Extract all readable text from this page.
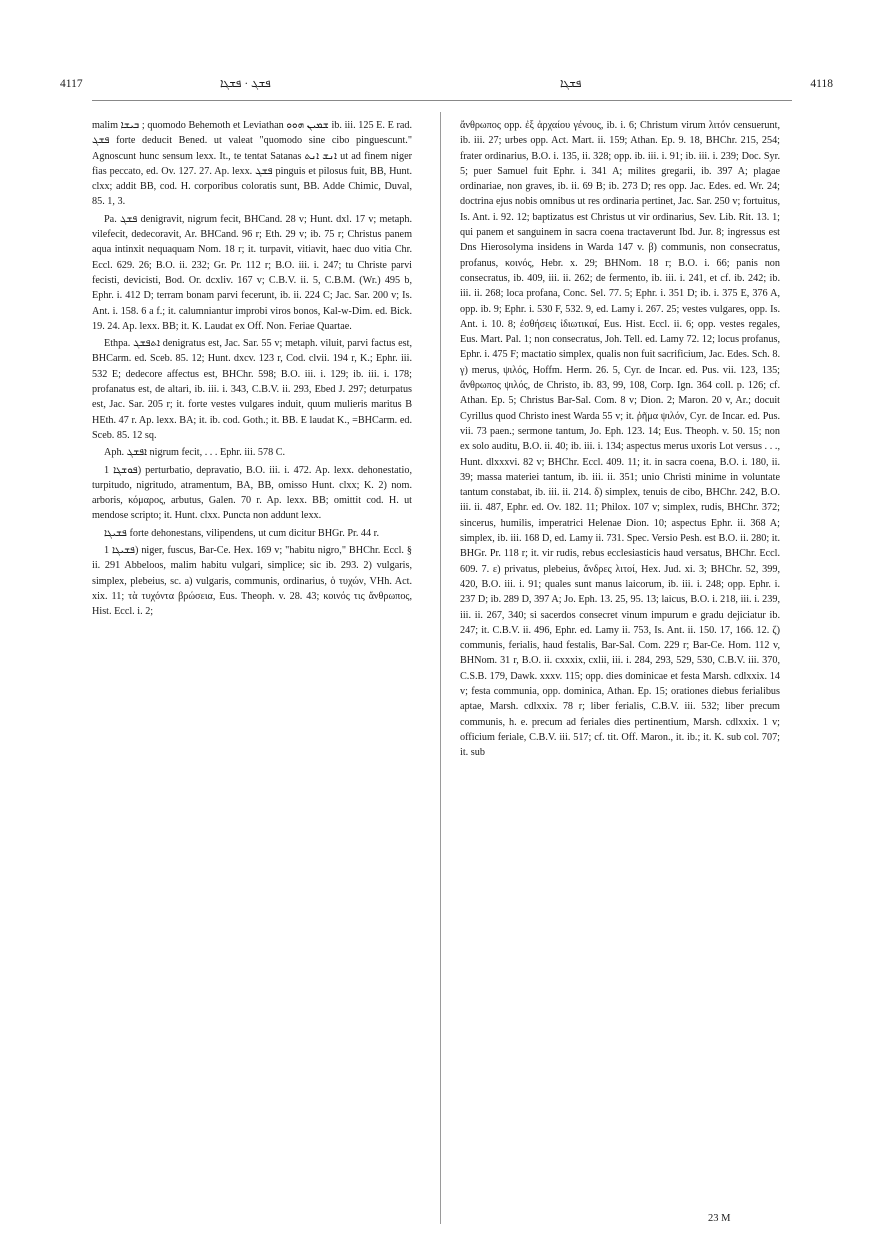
4117	ܦܫܓ · ܦܫܓܐ	ܦܫܓܐ	4118

malim ܒܝܫܐ ; quomodo Behemoth et Leviathan ܫܡܝܢ ܗܘܘ ib. iii. 125 E. E rad. ܦܫܓ forte deducit Bened. ut valeat "quomodo sine cibo pinguescunt." Agnoscunt hunc sensum lexx. It., te tentat Satanas ܐܢܫ ܐܢܬ ut ad finem niger fias peccato, ed. Ov. 127. 27. Ap. lexx. ܦܫܓ pinguis et pilosus fuit, BB, Hunt. clxx; addit BB, cod. H. corporibus coloratis sunt, BB. Adde Chimic, Duval, 85. 1, 3.

Pa. ܦܫܓ denigravit, nigrum fecit, BHCand. 28 v; Hunt. dxl. 17 v; metaph. vilefecit, dedecoravit, Ar. BHCand. 96 r; Eth. 29 v; ib. 75 r; Christus panem aqua intinxit nequaquam Nom. 18 r; it. turpavit, vitiavit, haec duo vitia Chr. Eccl. 629. 26; B.O. ii. 232; Gr. Pr. 112 r; B.O. iii. i. 247; tu Christe parvi fecisti, devicisti, Bod. Or. dcxliv. 167 v; C.B.V. ii. 5, C.B.M. (Wr.) 495 b, Ephr. i. 412 D; terram bonam parvi fecerunt, ib. ii. 224 C; Jac. Sar. 200 v; Is. Ant. i. 158. 6 a f.; it. calumniantur improbi viros bonos, Kal-w-Dim. ed. Bick. 19. 24. Ap. lexx. BB; it. K. Laudat ex Off. Non. Feriae Quartae.

Ethpa. ܐܬܦܫܓ denigratus est, Jac. Sar. 55 v; metaph. viluit, parvi factus est, BHCarm. ed. Sceb. 85. 12; Hunt. dxcv. 123 r, Cod. clvii. 194 r, K.; Ephr. iii. 532 E; dedecore affectus est, BHChr. 598; B.O. iii. i. 129; ib. iii. i. 178; profanatus est, de altari, ib. iii. i. 343, C.B.V. ii. 293, Ebed J. 297; deturpatus est, Jac. Sar. 205 r; it. forte vestes vulgares induit, quum mulieris maritus B HEth. 47 r. Ap. lexx. BA; it. ib. cod. Goth.; it. BB. E laudat K., =BHCarm. ed. Sceb. 85. 12 sq.

Aph. ܐܦܫܓ nigrum fecit, . . . Ephr. iii. 578 C.

ܦܘܫܓܐ 1) perturbatio, depravatio, B.O. iii. i. 472. Ap. lexx. dehonestatio, turpitudo, nigritudo, atramentum, BA, BB, omisso Hunt. clxx; K. 2) nom. arboris, κόμαρος, arbutus, Galen. 70 r. Ap. lexx. BB; omittit cod. H. ut mendose scripto; it. Hunt. clxx. Puncta non addunt lexx.

ܦܫܝܓܐ forte dehonestans, vilipendens, ut cum dicitur BHGr. Pr. 44 r.

ܦܫܝܓܐ 1) niger, fuscus, Bar-Ce. Hex. 169 v; "habitu nigro," BHChr. Eccl. § ii. 291 Abbeloos, malim habitu vulgari, simplice; sic ib. 293. 2) vulgaris, simplex, plebeius, sc. a) vulgaris, communis, ordinarius, ὁ τυχών, VHh. Act. xix. 11; τὰ τυχόντα βρώσεια, Eus. Theoph. v. 28. 43; κοινός τις ἄνθρωπος, Hist. Eccl. i. 2;

ἄνθρωπος opp. ἐξ ἀρχαίου γένους, ib. i. 6; Christum virum λιτόν censuerunt, ib. iii. 27; urbes opp. Act. Mart. ii. 159; Athan. Ep. 9. 18, BHChr. 215, 254; frater ordinarius, B.O. i. 135, ii. 328; opp. ib. iii. i. 91; ib. iii. i. 239; Doc. Syr. 5; puer Samuel fuit Ephr. i. 341 A; milites gregarii, ib. 397 A; plagae ordinariae, non graves, ib. ii. 69 B; ib. 273 D; res opp. Jac. Edes. ed. Wr. 24; doctrina ejus nobis omnibus ut res ordinaria pertinet, Jac. Sar. 250 v; fortuitus, Is. Ant. i. 92. 12; baptizatus est Christus ut vir ordinarius, Sev. Lib. Rit. 13. 1; qui panem et sanguinem in sacra coena tractaverunt Ibd. Jur. 8; ingressus est Dns Hierosolyma insidens in Warda 147 v. β) communis, non consecratus, profanus, κοινός, Hebr. x. 29; BHNom. 18 r; B.O. i. 66; panis non consecratus, ib. 409, iii. ii. 262; de fermento, ib. iii. i. 241, et cf. ib. 242; ib. iii. ii. 268; loca profana, Conc. Sel. 77. 5; Ephr. i. 351 D; ib. i. 375 E, 376 A, opp. ib. 9; Ephr. i. 530 F, 532. 9, ed. Lamy i. 267. 25; vestes vulgares, opp. Is. Ant. i. 10. 8; ἐσθήσεις ἰδιωτικαί, Eus. Hist. Eccl. ii. 6; opp. vestes regales, Eus. Mart. Pal. 1; non consecratus, Joh. Tell. ed. Lamy 72. 12; locus profanus, Ephr. i. 475 F; mactatio simplex, qualis non fuit sacrificium, Jac. Edes. Sch. 8. γ) merus, ψιλός, Hoffm. Herm. 26. 5, Cyr. de Incar. ed. Pus. vii. 123, 135; ἄνθρωπος ψιλός, de Christo, ib. 83, 99, 108, Corp. Ign. 364 coll. p. 126; cf. Athan. Ep. 5; Christus Bar-Sal. Com. 8 v; Dion. 2; Maron. 20 v, Ar.; docuit Cyrillus quod Christo inest Warda 55 v; it. ῥῆμα ψιλόν, Cyr. de Incar. ed. Pus. vii. 73 paen.; sermone tantum, Jo. Eph. 123. 14; Eus. Theoph. v. 50. 15; non ex solo auditu, B.O. ii. 40; ib. iii. i. 134; aspectus merus uxoris Lot versus . . ., Hunt. dlxxxvi. 82 v; BHChr. Eccl. 409. 11; it. in sacra coena, B.O. i. 180, ii. 39; massa materiei tantum, ib. iii. ii. 351; unio Christi minime in voluntate tantum constabat, ib. iii. ii. 214. δ) simplex, tenuis de cibo, BHChr. 242, B.O. iii. ii. 487, Ephr. ed. Ov. 182. 11; Philox. 107 v; simplex, rudis, BHChr. 372; sincerus, humilis, imperatrici Helenae Dion. 10; aspectus Ephr. ii. 368 A; simplex, ib. iii. 168 D, ed. Lamy ii. 731. Spec. Versio Pesh. est B.O. ii. 280; it. BHGr. Pr. 118 r; it. vir rudis, rebus ecclesiasticis haud versatus, BHChr. Eccl. 609. 7. ε) privatus, plebeius, ἄνδρες λιτοί, Hex. Jud. xi. 3; BHChr. 52, 399, 420, B.O. iii. i. 91; quales sunt manus laicorum, ib. iii. i. 248; opp. Ephr. i. 237 D; ib. 289 D, 397 A; Jo. Eph. 13. 25, 95. 13; laicus, B.O. i. 218, iii. i. 239, iii. ii. 267, 340; si sacerdos consecret vinum impurum e gradu dejiciatur ib. 247; it. C.B.V. ii. 496, Ephr. ed. Lamy ii. 753, Is. Ant. ii. 150. 17, 166. 12. ζ) communis, ferialis, haud festalis, Bar-Sal. Com. 229 r; Bar-Ce. Hom. 112 v, BHNom. 31 r, B.O. ii. cxxxix, cxlii, iii. i. 284, 293, 529, 530, C.B.V. iii. 370, C.S.B. 179, Dawk. xxxv. 115; opp. dies dominicae et festa Marsh. cdlxxix. 14 v; festa communia, opp. dominica, Athan. Ep. 15; orationes diebus ferialibus aptae, Marsh. cdlxxix. 78 r; liber ferialis, C.B.V. iii. 532; liber precum communis, h. e. precum ad feriales dies pertinentium, Marsh. cdlxxix. 1 v; officium feriale, C.B.V. iii. 517; cf. tit. Off. Maron., it. ib.; it. K. sub col. 707; it. sub

23 M
